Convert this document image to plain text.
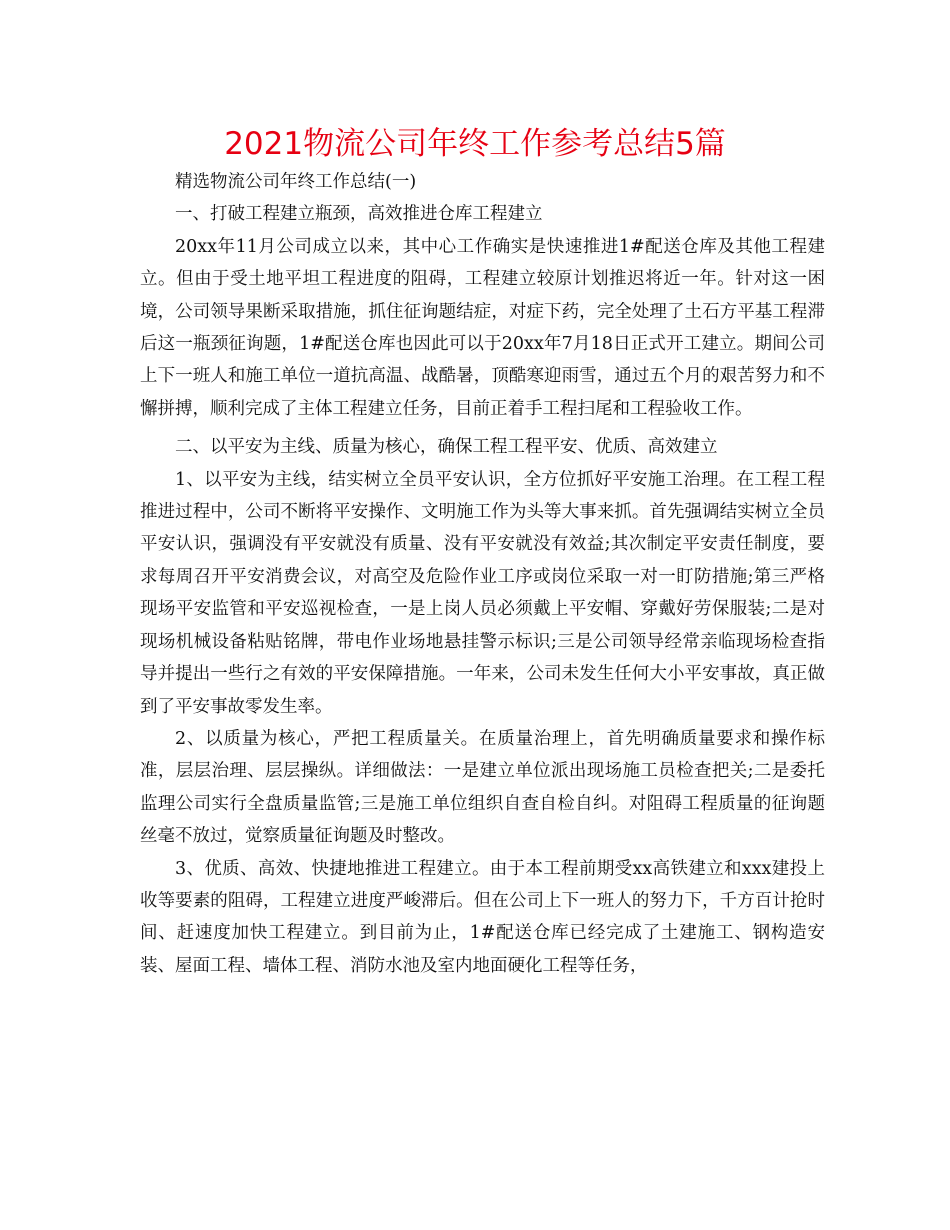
2021物流公司年终工作参考总结5篇

精选物流公司年终工作总结(一)

一、打破工程建立瓶颈，高效推进仓库工程建立

20xx年11月公司成立以来，其中心工作确实是快速推进1#配送仓库及其他工程建立。但由于受土地平坦工程进度的阻碍，工程建立较原计划推迟将近一年。针对这一困境，公司领导果断采取措施，抓住征询题结症，对症下药，完全处理了土石方平基工程滞后这一瓶颈征询题，1#配送仓库也因此可以于20xx年7月18日正式开工建立。期间公司上下一班人和施工单位一道抗高温、战酷暑，顶酷寒迎雨雪，通过五个月的艰苦努力和不懈拼搏，顺利完成了主体工程建立任务，目前正着手工程扫尾和工程验收工作。

二、以平安为主线、质量为核心，确保工程工程平安、优质、高效建立

1、以平安为主线，结实树立全员平安认识，全方位抓好平安施工治理。在工程工程推进过程中，公司不断将平安操作、文明施工作为头等大事来抓。首先强调结实树立全员平安认识，强调没有平安就没有质量、没有平安就没有效益;其次制定平安责任制度，要求每周召开平安消费会议，对高空及危险作业工序或岗位采取一对一盯防措施;第三严格现场平安监管和平安巡视检查，一是上岗人员必须戴上平安帽、穿戴好劳保服装;二是对现场机械设备粘贴铭牌，带电作业场地悬挂警示标识;三是公司领导经常亲临现场检查指导并提出一些行之有效的平安保障措施。一年来，公司未发生任何大小平安事故，真正做到了平安事故零发生率。

2、以质量为核心，严把工程质量关。在质量治理上，首先明确质量要求和操作标准，层层治理、层层操纵。详细做法：一是建立单位派出现场施工员检查把关;二是委托监理公司实行全盘质量监管;三是施工单位组织自查自检自纠。对阻碍工程质量的征询题丝毫不放过，觉察质量征询题及时整改。

3、优质、高效、快捷地推进工程建立。由于本工程前期受xx高铁建立和xxx建投上收等要素的阻碍，工程建立进度严峻滞后。但在公司上下一班人的努力下，千方百计抢时间、赶速度加快工程建立。到目前为止，1#配送仓库已经完成了土建施工、钢构造安装、屋面工程、墙体工程、消防水池及室内地面硬化工程等任务，
